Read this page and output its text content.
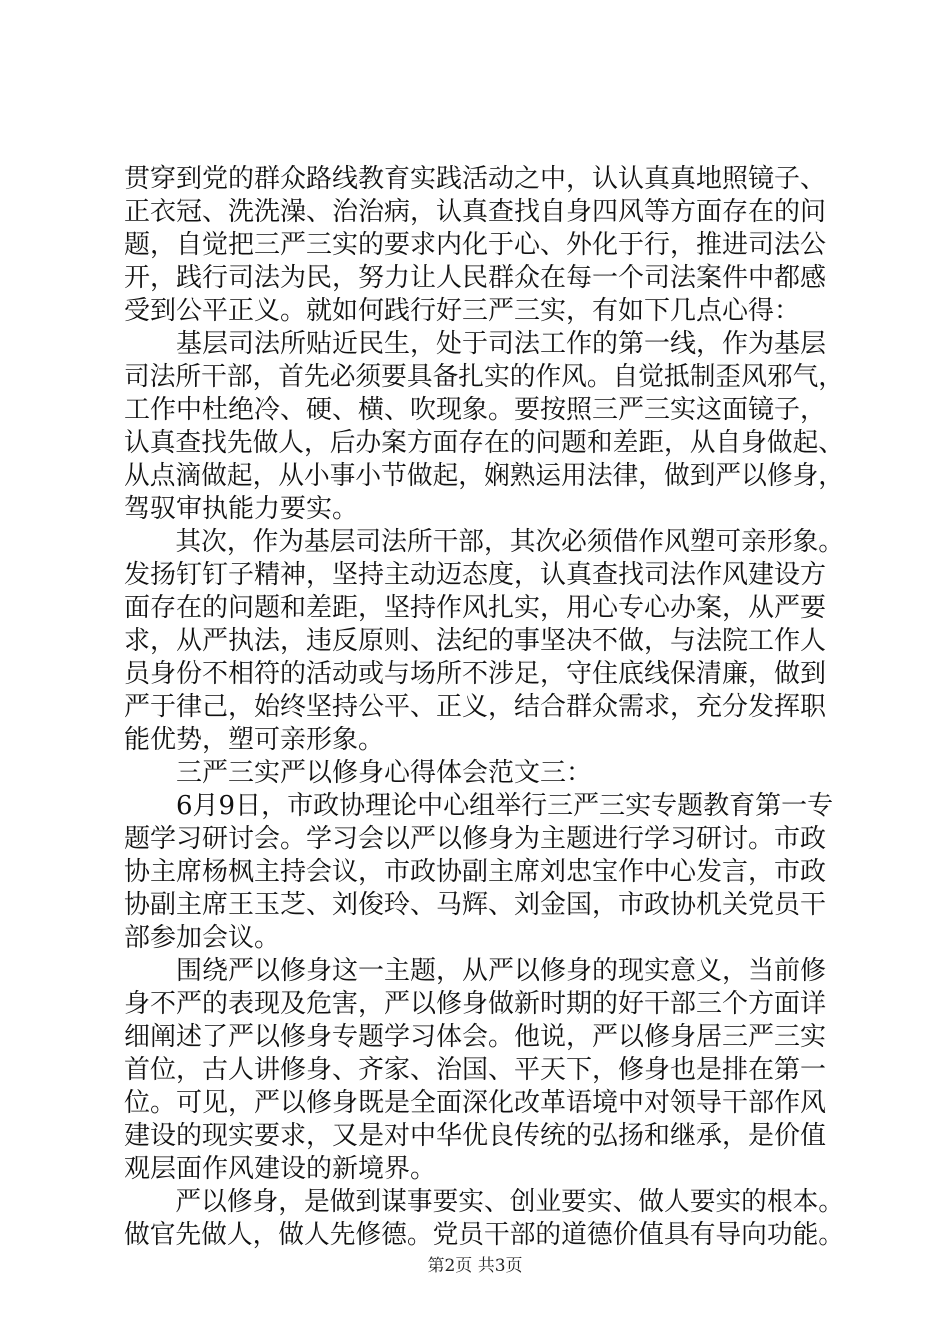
贯穿到党的群众路线教育实践活动之中，认认真真地照镜子、
正衣冠、洗洗澡、治治病，认真查找自身四风等方面存在的问
题，自觉把三严三实的要求内化于心、外化于行，推进司法公
开，践行司法为民，努力让人民群众在每一个司法案件中都感
受到公平正义。就如何践行好三严三实，有如下几点心得：
　　基层司法所贴近民生，处于司法工作的第一线，作为基层
司法所干部，首先必须要具备扎实的作风。自觉抵制歪风邪气，
工作中杜绝冷、硬、横、吹现象。要按照三严三实这面镜子，
认真查找先做人，后办案方面存在的问题和差距，从自身做起、
从点滴做起，从小事小节做起，娴熟运用法律，做到严以修身，
驾驭审执能力要实。
　　其次，作为基层司法所干部，其次必须借作风塑可亲形象。
发扬钉钉子精神，坚持主动迈态度，认真查找司法作风建设方
面存在的问题和差距，坚持作风扎实，用心专心办案，从严要
求，从严执法，违反原则、法纪的事坚决不做，与法院工作人
员身份不相符的活动或与场所不涉足，守住底线保清廉，做到
严于律己，始终坚持公平、正义，结合群众需求，充分发挥职
能优势，塑可亲形象。
　　三严三实严以修身心得体会范文三：
　　6月9日，市政协理论中心组举行三严三实专题教育第一专
题学习研讨会。学习会以严以修身为主题进行学习研讨。市政
协主席杨枫主持会议，市政协副主席刘忠宝作中心发言，市政
协副主席王玉芝、刘俊玲、马辉、刘金国，市政协机关党员干
部参加会议。
　　围绕严以修身这一主题，从严以修身的现实意义，当前修
身不严的表现及危害，严以修身做新时期的好干部三个方面详
细阐述了严以修身专题学习体会。他说，严以修身居三严三实
首位，古人讲修身、齐家、治国、平天下，修身也是排在第一
位。可见，严以修身既是全面深化改革语境中对领导干部作风
建设的现实要求，又是对中华优良传统的弘扬和继承，是价值
观层面作风建设的新境界。
　　严以修身，是做到谋事要实、创业要实、做人要实的根本。
做官先做人，做人先修德。党员干部的道德价值具有导向功能。
第2页 共3页
